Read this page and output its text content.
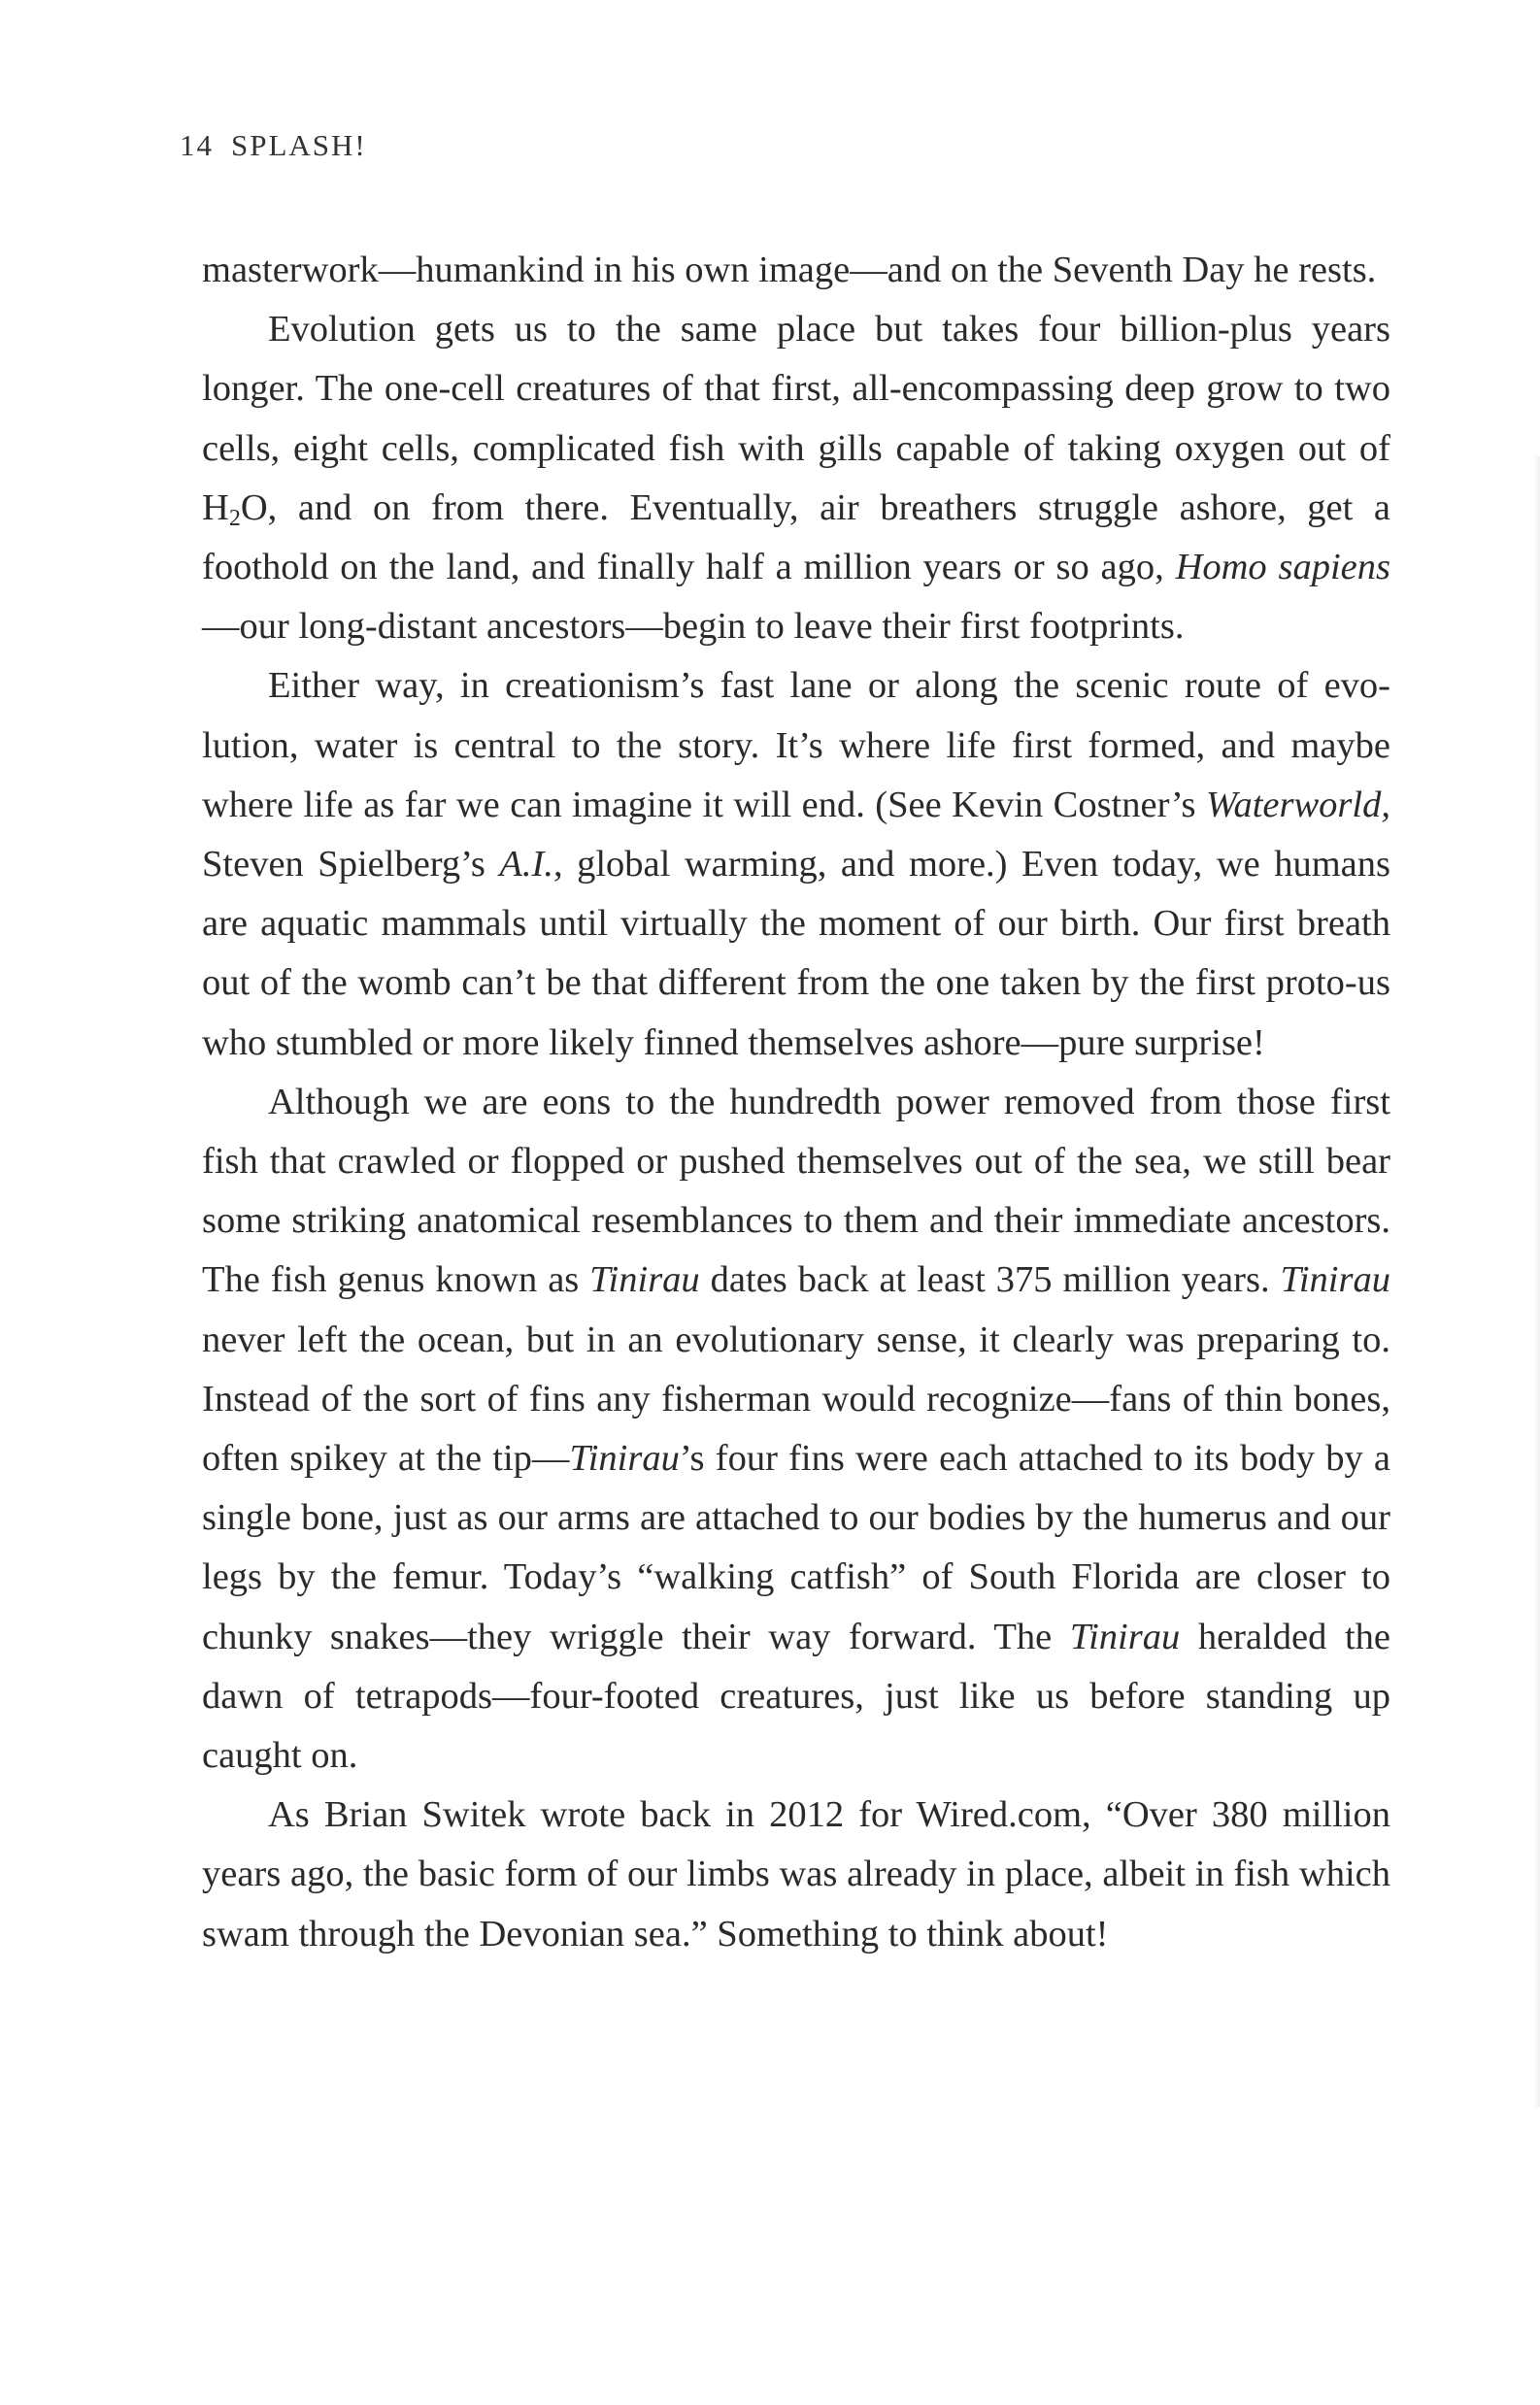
14 SPLASH!

masterwork—humankind in his own image—and on the Seventh Day he rests.

Evolution gets us to the same place but takes four billion-plus years longer. The one-cell creatures of that first, all-encompassing deep grow to two cells, eight cells, complicated fish with gills capable of taking oxygen out of $H_2O$, and on from there. Eventually, air breathers struggle ashore, get a foothold on the land, and finally half a million years or so ago, Homo sapiens—our long-distant ancestors—begin to leave their first footprints.

Either way, in creationism’s fast lane or along the scenic route of evolution, water is central to the story. It’s where life first formed, and maybe where life as far we can imagine it will end. (See Kevin Costner’s Waterworld, Steven Spielberg’s A.I., global warming, and more.) Even today, we humans are aquatic mammals until virtually the moment of our birth. Our first breath out of the womb can’t be that different from the one taken by the first proto-us who stumbled or more likely finned themselves ashore—pure surprise!

Although we are eons to the hundredth power removed from those first fish that crawled or flopped or pushed themselves out of the sea, we still bear some striking anatomical resemblances to them and their immediate ancestors. The fish genus known as Tinirau dates back at least 375 million years. Tinirau never left the ocean, but in an evolutionary sense, it clearly was preparing to. Instead of the sort of fins any fisherman would recognize—fans of thin bones, often spikey at the tip—Tinirau’s four fins were each attached to its body by a single bone, just as our arms are attached to our bodies by the humerus and our legs by the femur. Today’s “walking catfish” of South Florida are closer to chunky snakes—they wriggle their way forward. The Tinirau heralded the dawn of tetrapods—four-footed creatures, just like us before standing up caught on.

As Brian Switek wrote back in 2012 for Wired.com, “Over 380 million years ago, the basic form of our limbs was already in place, albeit in fish which swam through the Devonian sea.” Something to think about!
